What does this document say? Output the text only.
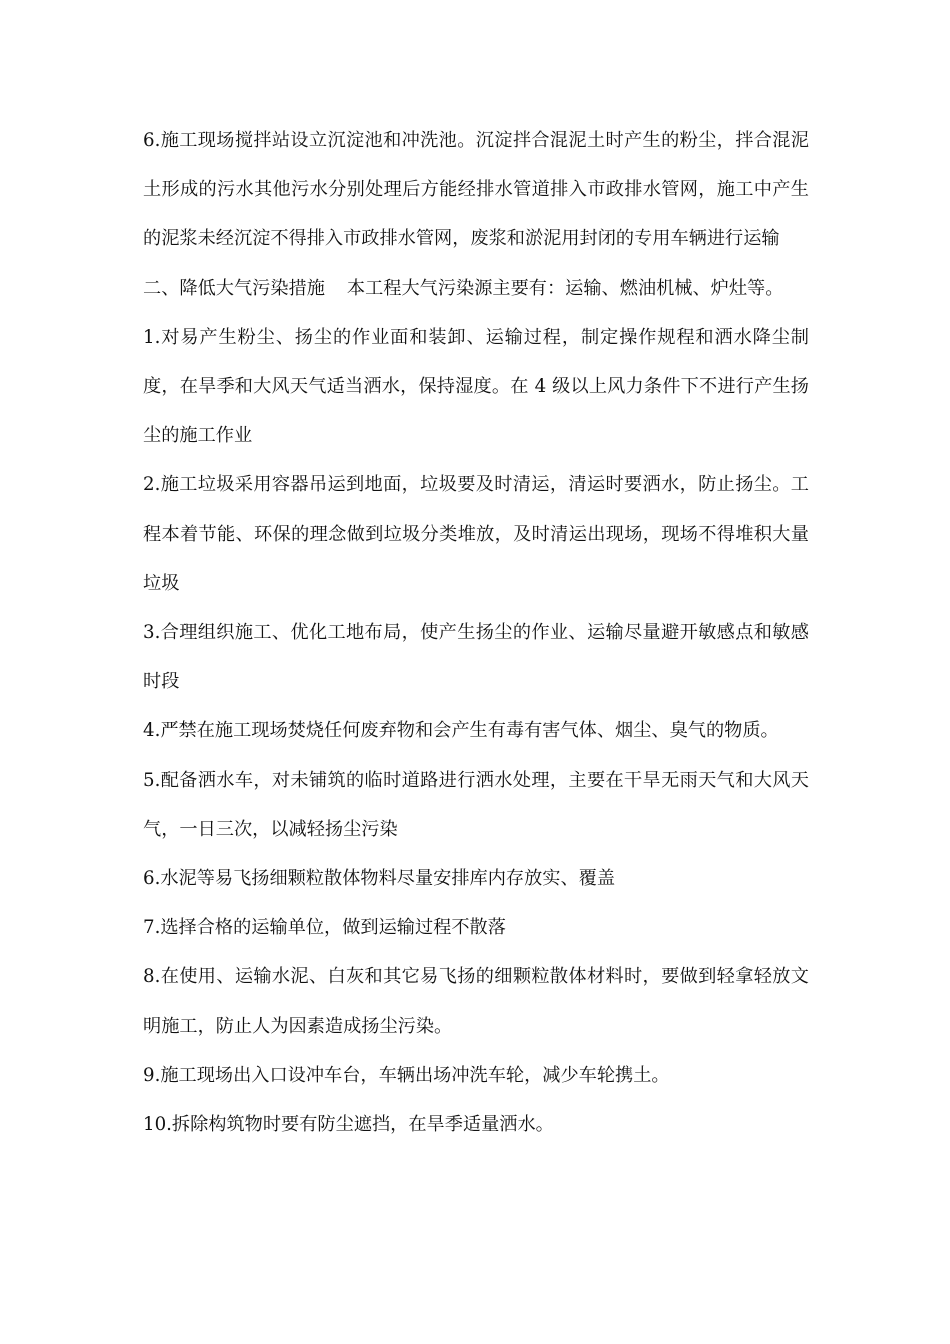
6.施工现场搅拌站设立沉淀池和冲洗池。沉淀拌合混泥土时产生的粉尘，拌合混泥土形成的污水其他污水分别处理后方能经排水管道排入市政排水管网，施工中产生的泥浆未经沉淀不得排入市政排水管网，废浆和淤泥用封闭的专用车辆进行运输

二、降低大气污染措施 本工程大气污染源主要有：运输、燃油机械、炉灶等。

1.对易产生粉尘、扬尘的作业面和装卸、运输过程，制定操作规程和洒水降尘制度，在旱季和大风天气适当洒水，保持湿度。在 4 级以上风力条件下不进行产生扬尘的施工作业

2.施工垃圾采用容器吊运到地面，垃圾要及时清运，清运时要洒水，防止扬尘。工程本着节能、环保的理念做到垃圾分类堆放，及时清运出现场，现场不得堆积大量垃圾

3.合理组织施工、优化工地布局，使产生扬尘的作业、运输尽量避开敏感点和敏感时段

4.严禁在施工现场焚烧任何废弃物和会产生有毒有害气体、烟尘、臭气的物质。

5.配备洒水车，对未铺筑的临时道路进行洒水处理，主要在干旱无雨天气和大风天气，一日三次，以减轻扬尘污染

6.水泥等易飞扬细颗粒散体物料尽量安排库内存放实、覆盖

7.选择合格的运输单位，做到运输过程不散落

8.在使用、运输水泥、白灰和其它易飞扬的细颗粒散体材料时，要做到轻拿轻放文明施工，防止人为因素造成扬尘污染。

9.施工现场出入口设冲车台，车辆出场冲洗车轮，减少车轮携土。

10.拆除构筑物时要有防尘遮挡，在旱季适量洒水。
